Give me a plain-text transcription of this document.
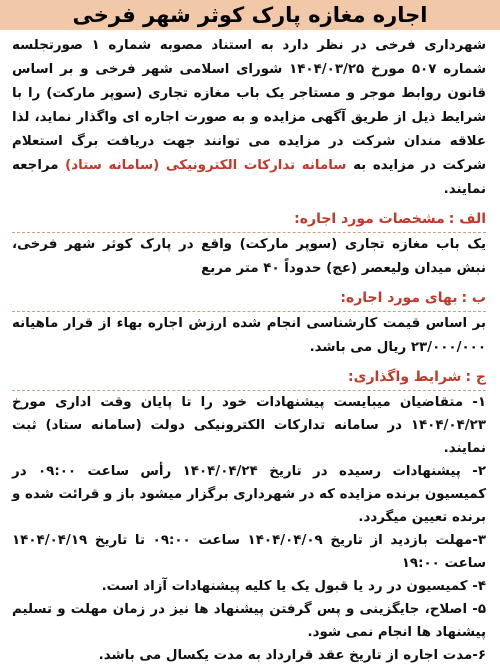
اجاره مغازه پارک کوثر شهر فرخی
شهرداری فرخی در نظر دارد به استناد مصوبه شماره ۱ صورتجلسه شماره ۵۰۷ مورخ ۱۴۰۴/۰۳/۲۵ شورای اسلامی شهر فرخی و بر اساس قانون روابط موجر و مستاجر یک باب مغازه تجاری (سوپر مارکت) را با شرایط ذیل از طریق آگهی مزایده و به صورت اجاره ای واگذار نماید، لذا علاقه مندان شرکت در مزایده می توانند جهت دریافت برگ استعلام شرکت در مزایده به سامانه تدارکات الکترونیکی (سامانه ستاد) مراجعه نمایند.
الف :
مشخصات مورد اجاره:
یک باب مغازه تجاری (سوپر مارکت) واقع در پارک کوثر شهر فرخی، نبش میدان ولیعصر (عج) حدوداً ۴۰ متر مربع
ب :
بهای مورد اجاره:
بر اساس قیمت کارشناسی انجام شده ارزش اجاره بهاء از قرار ماهیانه ۲۳/۰۰۰/۰۰۰ ریال می باشد.
ج :
شرایط واگذاری:

۱- متقاضیان میبایست پیشنهادات خود را تا پایان وقت اداری مورخ ۱۴۰۴/۰۴/۲۳ در سامانه تدارکات الکترونیکی دولت (سامانه ستاد) ثبت نمایند.

۲- پیشنهادات رسیده در تاریخ ۱۴۰۴/۰۴/۲۴ رأس ساعت ۰۹:۰۰ در کمیسیون برنده مزایده که در شهرداری برگزار میشود باز و قرائت شده و برنده تعیین میگردد.

۳-مهلت بازدید از تاریخ ۱۴۰۴/۰۴/۰۹ ساعت ۰۹:۰۰ تا تاریخ ۱۴۰۴/۰۴/۱۹ ساعت ۱۹:۰۰

۴- کمیسیون در رد یا قبول یک یا کلیه پیشنهادات آزاد است.

۵- اصلاح، جایگزینی و پس گرفتن پیشنهاد ها نیز در زمان مهلت و تسلیم پیشنهاد ها انجام نمی شود.

۶-مدت اجاره از تاریخ عقد قرارداد به مدت یکسال می باشد.
